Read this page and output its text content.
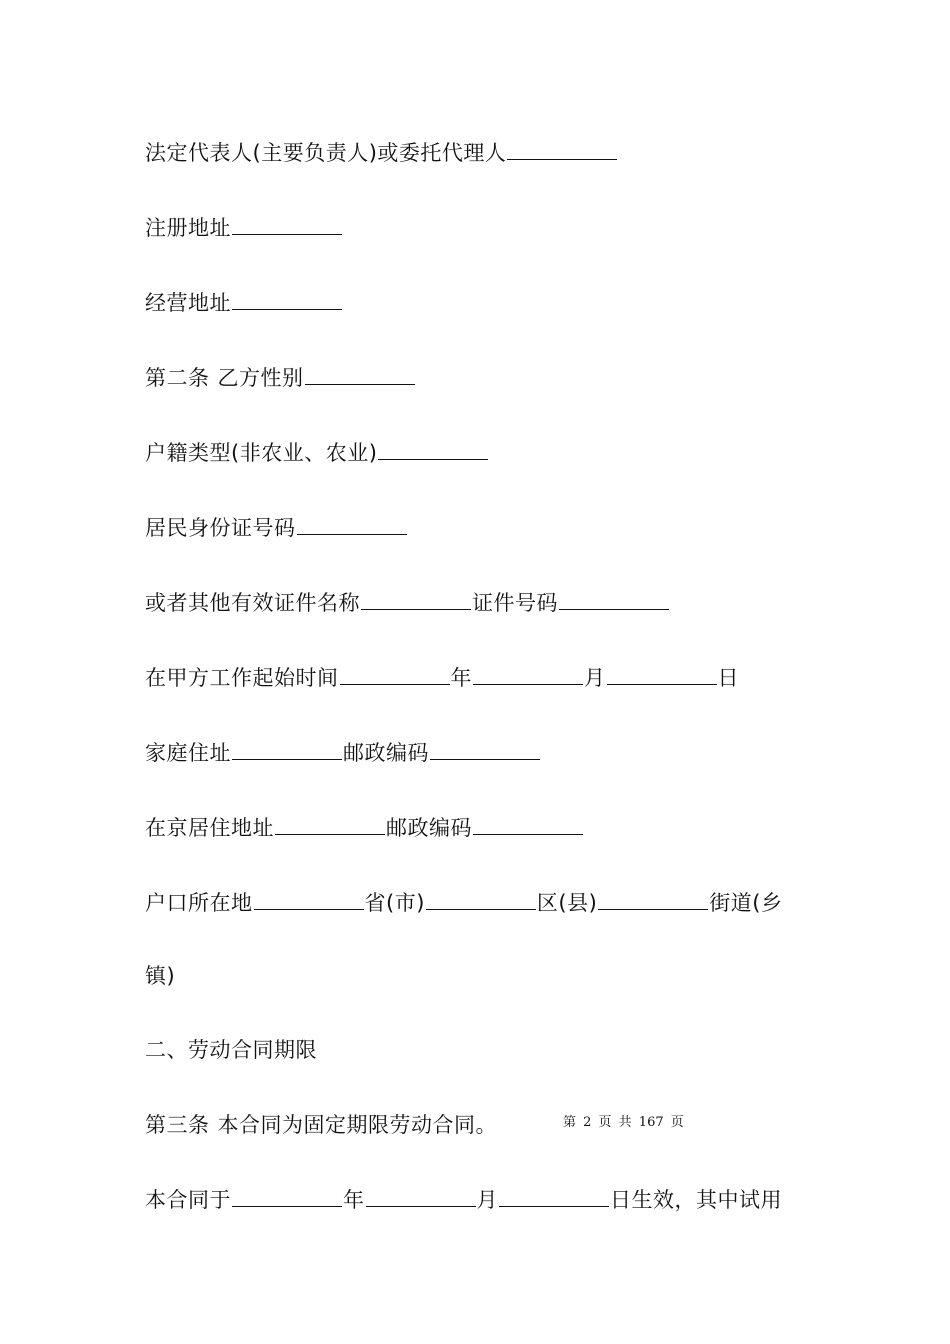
法定代表人(主要负责人)或委托代理人
注册地址
经营地址
第二条 乙方性别
户籍类型(非农业、农业)
居民身份证号码
或者其他有效证件名称	证件号码
在甲方工作起始时间	年	月	日
家庭住址	邮政编码
在京居住地址	邮政编码
户口所在地	省(市)	区(县)	街道(乡
镇)
二、劳动合同期限
第三条 本合同为固定期限劳动合同。	第 2 页 共 167 页
本合同于	年	月	日生效，其中试用
